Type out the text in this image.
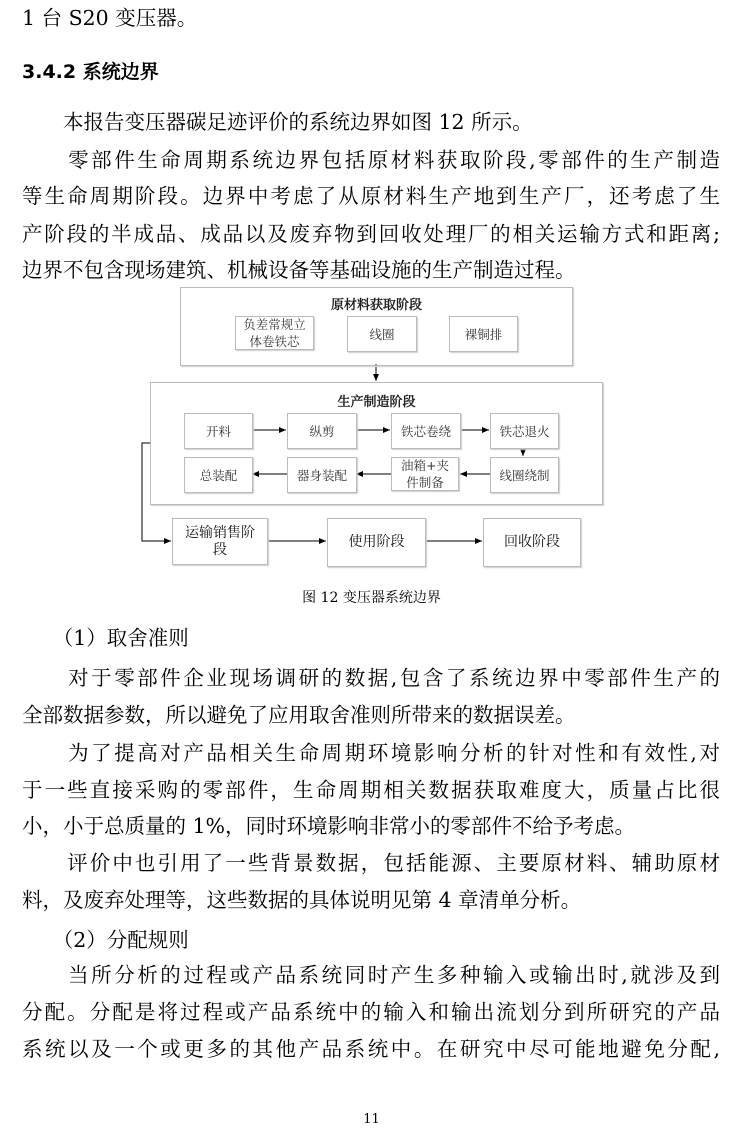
1 台 S20 变压器。
3.4.2 系统边界
　　本报告变压器碳足迹评价的系统边界如图 12 所示。
　　零部件生命周期系统边界包括原材料获取阶段,零部件的生产制造
等生命周期阶段。边界中考虑了从原材料生产地到生产厂，还考虑了生
产阶段的半成品、成品以及废弃物到回收处理厂的相关运输方式和距离;
边界不包含现场建筑、机械设备等基础设施的生产制造过程。
原材料获取阶段
负差常规立体卷铁芯	线圈	裸铜排
生产制造阶段
开料	纵剪	铁芯卷绕	铁芯退火
总装配	器身装配
油箱+夹件制备	线圈绕制
运输销售阶段	使用阶段	回收阶段
图 12 变压器系统边界
　　（1）取舍准则
　　对于零部件企业现场调研的数据,包含了系统边界中零部件生产的
全部数据参数，所以避免了应用取舍准则所带来的数据误差。
　　为了提高对产品相关生命周期环境影响分析的针对性和有效性,对
于一些直接采购的零部件，生命周期相关数据获取难度大，质量占比很
小，小于总质量的 1%，同时环境影响非常小的零部件不给予考虑。
　　评价中也引用了一些背景数据，包括能源、主要原材料、辅助原材
料，及废弃处理等，这些数据的具体说明见第 4 章清单分析。
　　（2）分配规则
　　当所分析的过程或产品系统同时产生多种输入或输出时,就涉及到
分配。分配是将过程或产品系统中的输入和输出流划分到所研究的产品
系统以及一个或更多的其他产品系统中。在研究中尽可能地避免分配,
11
